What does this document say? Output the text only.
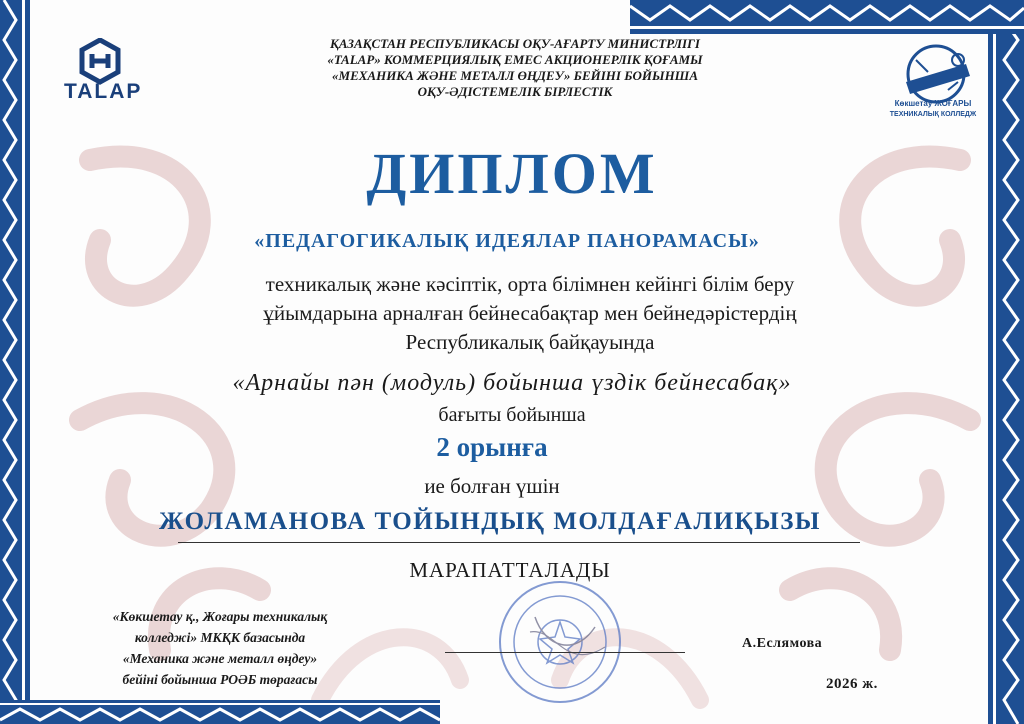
TALAP
Көкшетау ЖОҒАРЫ
ТЕХНИКАЛЫҚ КОЛЛЕДЖ
ҚАЗАҚСТАН РЕСПУБЛИКАСЫ ОҚУ-АҒАРТУ МИНИСТРЛІГІ
«TALAP» КОММЕРЦИЯЛЫҚ ЕМЕС АКЦИОНЕРЛІК ҚОҒАМЫ
«МЕХАНИКА ЖӘНЕ МЕТАЛЛ ӨҢДЕУ» БЕЙІНІ БОЙЫНША
ОҚУ-ӘДІСТЕМЕЛІК БІРЛЕСТІК
ДИПЛОМ
«ПЕДАГОГИКАЛЫҚ ИДЕЯЛАР ПАНОРАМАСЫ»
техникалық және кәсіптік, орта білімнен кейінгі білім беру
ұйымдарына арналған бейнесабақтар мен бейнедәрістердің
Республикалық байқауында
«Арнайы пән (модуль) бойынша үздік бейнесабақ»
бағыты бойынша
2 орынға
ие болған үшін
ЖОЛАМАНОВА ТОЙЫНДЫҚ МОЛДАҒАЛИҚЫЗЫ
МАРАПАТТАЛАДЫ
«Көкшетау қ., Жоғары техникалық
колледжі» МКҚК базасында
«Механика және металл өңдеу»
бейіні бойынша РОӘБ төрағасы
А.Еслямова
2026 ж.
